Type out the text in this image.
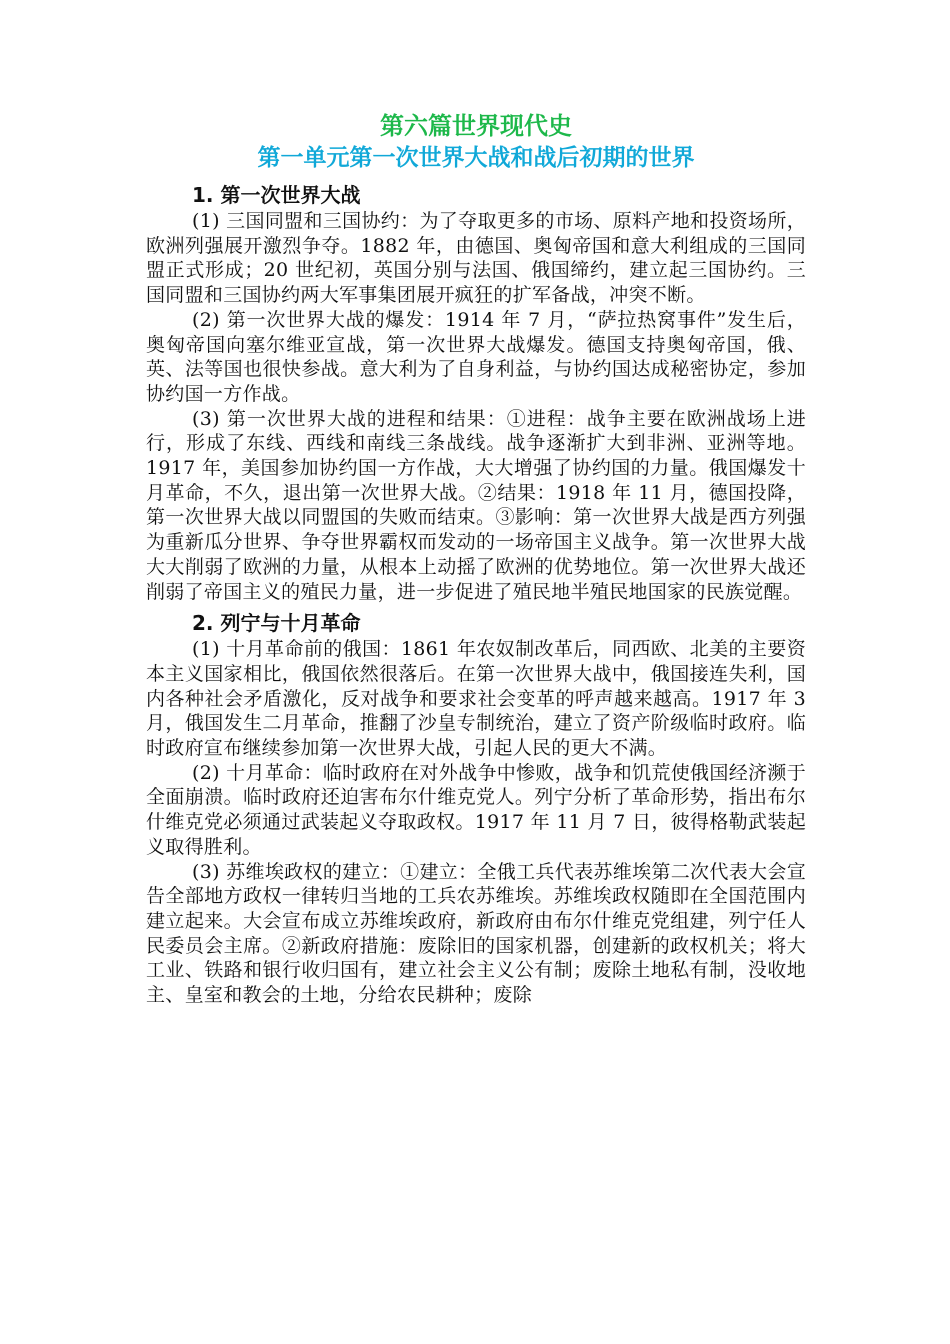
第六篇世界现代史
第一单元第一次世界大战和战后初期的世界
1. 第一次世界大战

(1) 三国同盟和三国协约：为了夺取更多的市场、原料产地和投资场所，欧洲列强展开激烈争夺。1882 年，由德国、奥匈帝国和意大利组成的三国同盟正式形成；20 世纪初，英国分别与法国、俄国缔约，建立起三国协约。三国同盟和三国协约两大军事集团展开疯狂的扩军备战，冲突不断。

(2) 第一次世界大战的爆发：1914 年 7 月，“萨拉热窝事件”发生后，奥匈帝国向塞尔维亚宣战，第一次世界大战爆发。德国支持奥匈帝国，俄、英、法等国也很快参战。意大利为了自身利益，与协约国达成秘密协定，参加协约国一方作战。

(3) 第一次世界大战的进程和结果：①进程：战争主要在欧洲战场上进行，形成了东线、西线和南线三条战线。战争逐渐扩大到非洲、亚洲等地。1917 年，美国参加协约国一方作战，大大增强了协约国的力量。俄国爆发十月革命，不久，退出第一次世界大战。②结果：1918 年 11 月，德国投降，第一次世界大战以同盟国的失败而结束。③影响：第一次世界大战是西方列强为重新瓜分世界、争夺世界霸权而发动的一场帝国主义战争。第一次世界大战大大削弱了欧洲的力量，从根本上动摇了欧洲的优势地位。第一次世界大战还削弱了帝国主义的殖民力量，进一步促进了殖民地半殖民地国家的民族觉醒。

2. 列宁与十月革命

(1) 十月革命前的俄国：1861 年农奴制改革后，同西欧、北美的主要资本主义国家相比，俄国依然很落后。在第一次世界大战中，俄国接连失利，国内各种社会矛盾激化，反对战争和要求社会变革的呼声越来越高。1917 年 3 月，俄国发生二月革命，推翻了沙皇专制统治，建立了资产阶级临时政府。临时政府宣布继续参加第一次世界大战，引起人民的更大不满。

(2) 十月革命：临时政府在对外战争中惨败，战争和饥荒使俄国经济濒于全面崩溃。临时政府还迫害布尔什维克党人。列宁分析了革命形势，指出布尔什维克党必须通过武装起义夺取政权。1917 年 11 月 7 日，彼得格勒武装起义取得胜利。

(3) 苏维埃政权的建立：①建立：全俄工兵代表苏维埃第二次代表大会宣告全部地方政权一律转归当地的工兵农苏维埃。苏维埃政权随即在全国范围内建立起来。大会宣布成立苏维埃政府，新政府由布尔什维克党组建，列宁任人民委员会主席。②新政府措施：废除旧的国家机器，创建新的政权机关；将大工业、铁路和银行收归国有，建立社会主义公有制；废除土地私有制，没收地主、皇室和教会的土地，分给农民耕种；废除
